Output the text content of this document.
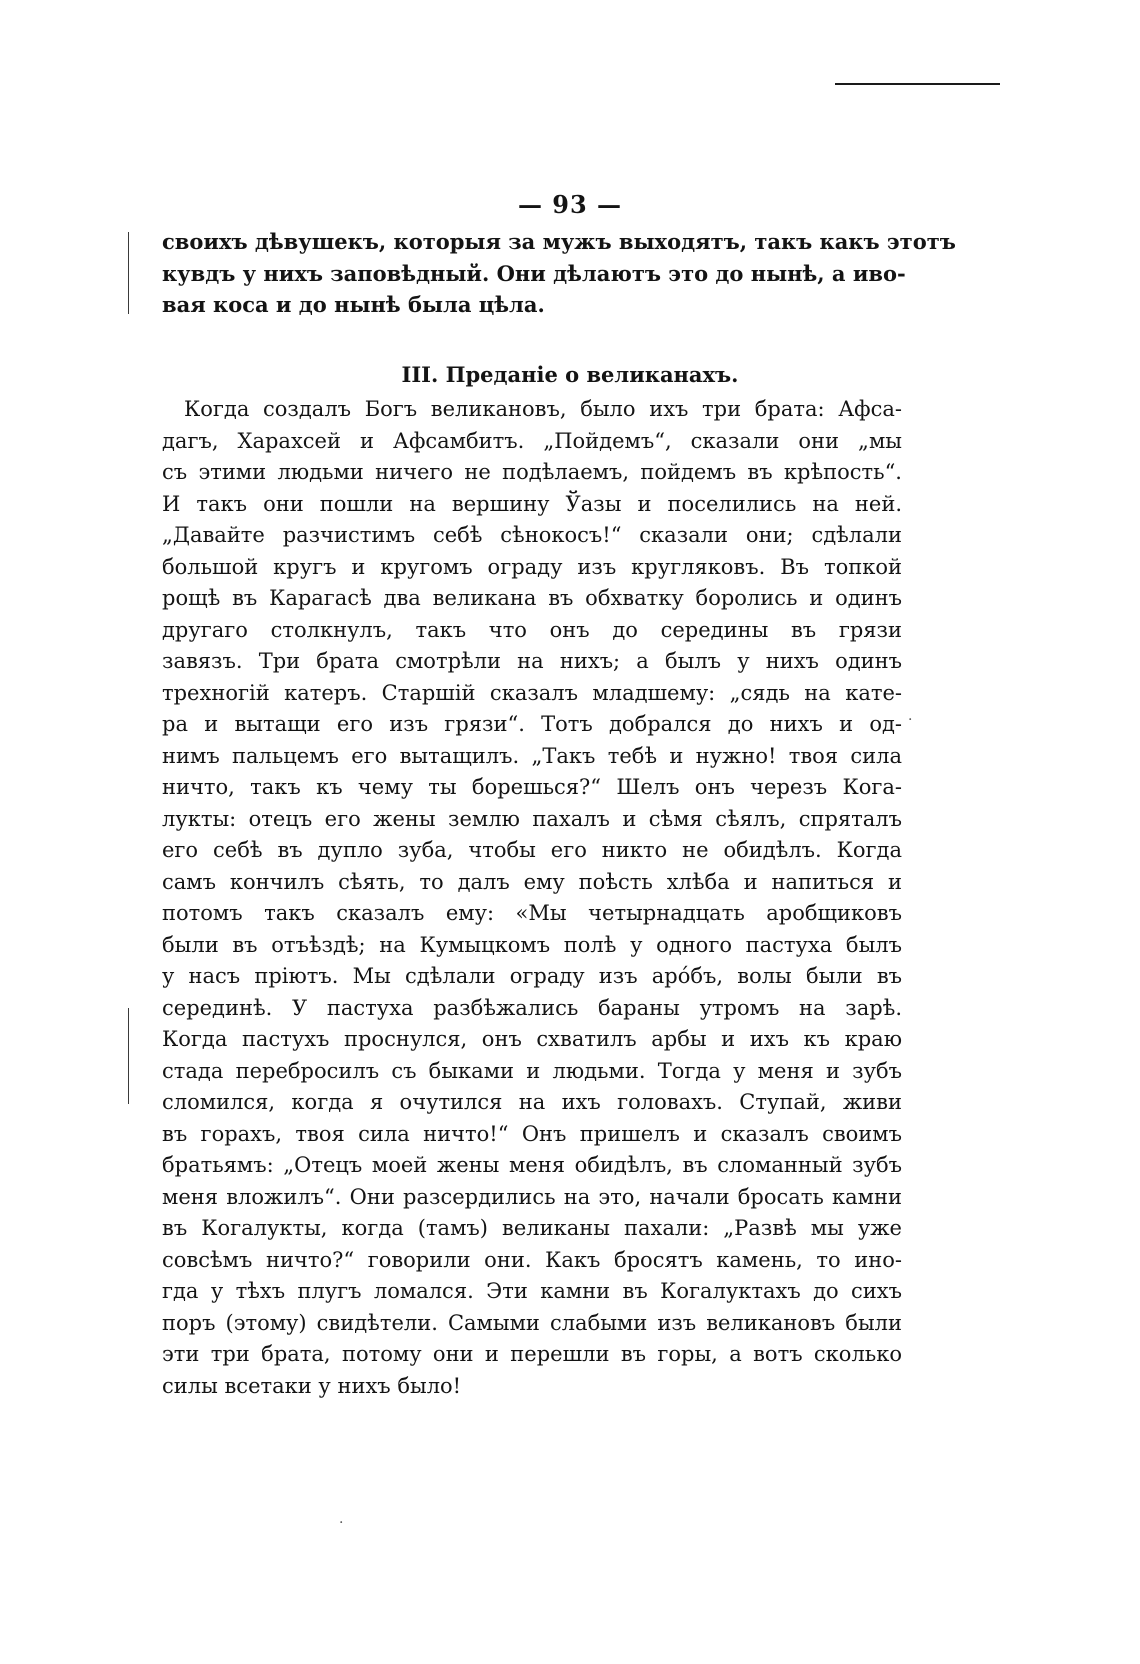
— 93 —
своихъ дѣвушекъ, которыя за мужъ выходятъ, такъ какъ этотъ
кувдъ у нихъ заповѣдный. Они дѣлаютъ это до нынѣ, а иво-
вая коса и до нынѣ была цѣла.
III. Преданіе о великанахъ.
Когда создалъ Богъ великановъ, было ихъ три брата: Афса-
дагъ, Харахсей и Афсамбитъ. „Пойдемъ“, сказали они „мы
съ этими людьми ничего не подѣлаемъ, пойдемъ въ крѣпость“.
И такъ они пошли на вершину Ўазы и поселились на ней.
„Давайте разчистимъ себѣ сѣнокосъ!“ сказали они; сдѣлали
большой кругъ и кругомъ ограду изъ кругляковъ. Въ топкой
рощѣ въ Карагасѣ два великана въ обхватку боролись и одинъ
другаго столкнулъ, такъ что онъ до середины въ грязи
завязъ. Три брата смотрѣли на нихъ; а былъ у нихъ одинъ
трехногій катеръ. Старшій сказалъ младшему: „сядь на кате-
ра и вытащи его изъ грязи“. Тотъ добрался до нихъ и од-
нимъ пальцемъ его вытащилъ. „Такъ тебѣ и нужно! твоя сила
ничто, такъ къ чему ты борешься?“ Шелъ онъ черезъ Кога-
лукты: отецъ его жены землю пахалъ и сѣмя сѣялъ, спряталъ
его себѣ въ дупло зуба, чтобы его никто не обидѣлъ. Когда
самъ кончилъ сѣять, то далъ ему поѣсть хлѣба и напиться и
потомъ такъ сказалъ ему: «Мы четырнадцать аробщиковъ
были въ отъѣздѣ; на Кумыцкомъ полѣ у одного пастуха былъ
у насъ пріютъ. Мы сдѣлали ограду изъ арóбъ, волы были въ
серединѣ. У пастуха разбѣжались бараны утромъ на зарѣ.
Когда пастухъ проснулся, онъ схватилъ арбы и ихъ къ краю
стада перебросилъ съ быками и людьми. Тогда у меня и зубъ
сломился, когда я очутился на ихъ головахъ. Ступай, живи
въ горахъ, твоя сила ничто!“ Онъ пришелъ и сказалъ своимъ
братьямъ: „Отецъ моей жены меня обидѣлъ, въ сломанный зубъ
меня вложилъ“. Они разсердились на это, начали бросать камни
въ Когалукты, когда (тамъ) великаны пахали: „Развѣ мы уже
совсѣмъ ничто?“ говорили они. Какъ бросятъ камень, то ино-
гда у тѣхъ плугъ ломался. Эти камни въ Когалуктахъ до сихъ
поръ (этому) свидѣтели. Самыми слабыми изъ великановъ были
эти три брата, потому они и перешли въ горы, а вотъ сколько
силы всетаки у нихъ было!
·
·
